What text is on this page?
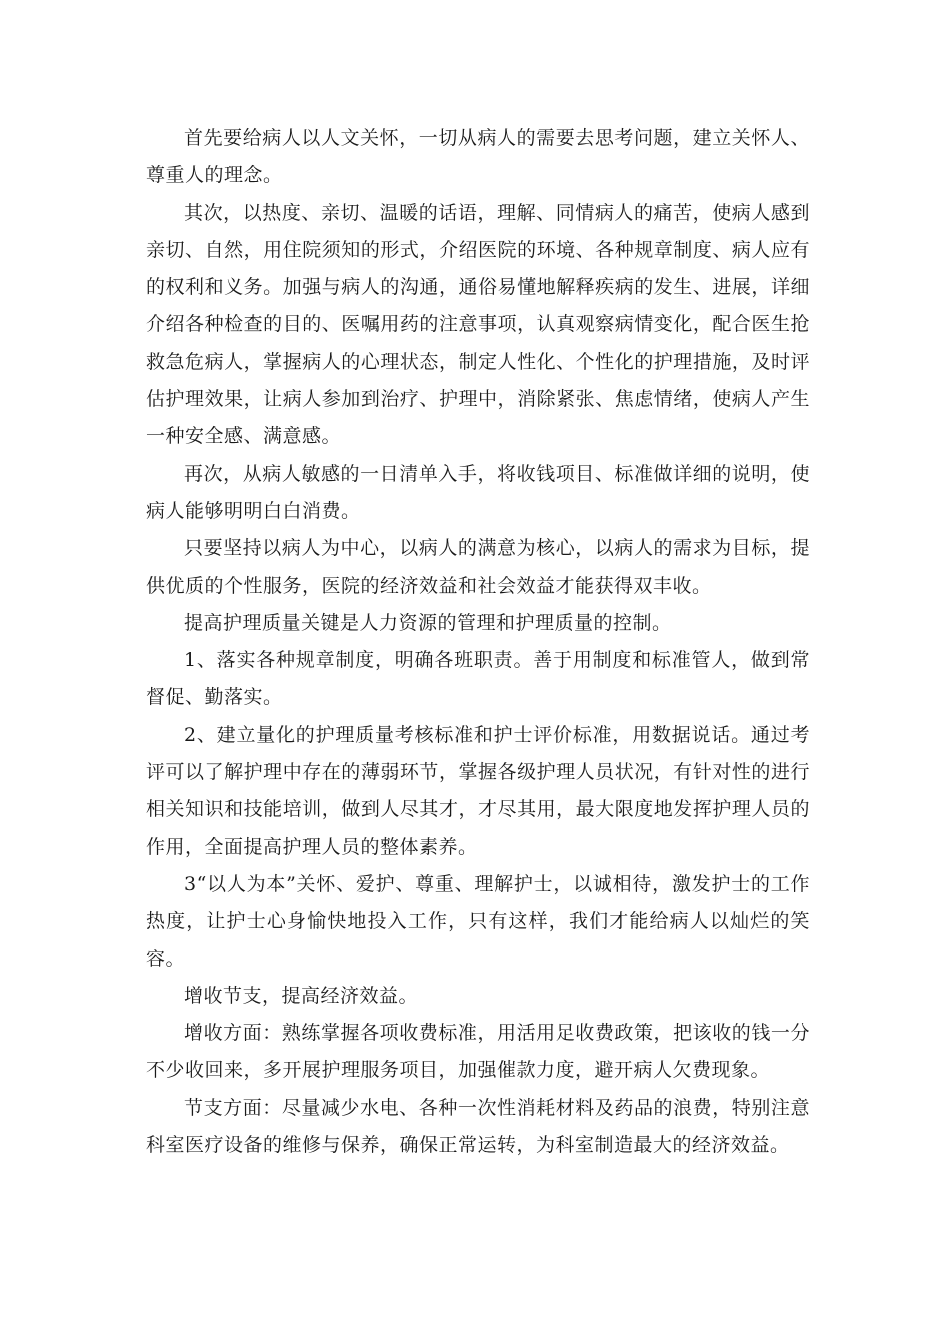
首先要给病人以人文关怀，一切从病人的需要去思考问题，建立关怀人、尊重人的理念。

其次，以热度、亲切、温暖的话语，理解、同情病人的痛苦，使病人感到亲切、自然，用住院须知的形式，介绍医院的环境、各种规章制度、病人应有的权利和义务。加强与病人的沟通，通俗易懂地解释疾病的发生、进展，详细介绍各种检查的目的、医嘱用药的注意事项，认真观察病情变化，配合医生抢救急危病人，掌握病人的心理状态，制定人性化、个性化的护理措施，及时评估护理效果，让病人参加到治疗、护理中，消除紧张、焦虑情绪，使病人产生一种安全感、满意感。

再次，从病人敏感的一日清单入手，将收钱项目、标准做详细的说明，使病人能够明明白白消费。

只要坚持以病人为中心，以病人的满意为核心，以病人的需求为目标，提供优质的个性服务，医院的经济效益和社会效益才能获得双丰收。

提高护理质量关键是人力资源的管理和护理质量的控制。

1、落实各种规章制度，明确各班职责。善于用制度和标准管人，做到常督促、勤落实。

2、建立量化的护理质量考核标准和护士评价标准，用数据说话。通过考评可以了解护理中存在的薄弱环节，掌握各级护理人员状况，有针对性的进行相关知识和技能培训，做到人尽其才，才尽其用，最大限度地发挥护理人员的作用，全面提高护理人员的整体素养。

3“以人为本”关怀、爱护、尊重、理解护士，以诚相待，激发护士的工作热度，让护士心身愉快地投入工作，只有这样，我们才能给病人以灿烂的笑容。

增收节支，提高经济效益。

增收方面：熟练掌握各项收费标准，用活用足收费政策，把该收的钱一分不少收回来，多开展护理服务项目，加强催款力度，避开病人欠费现象。

节支方面：尽量减少水电、各种一次性消耗材料及药品的浪费，特别注意科室医疗设备的维修与保养，确保正常运转，为科室制造最大的经济效益。
